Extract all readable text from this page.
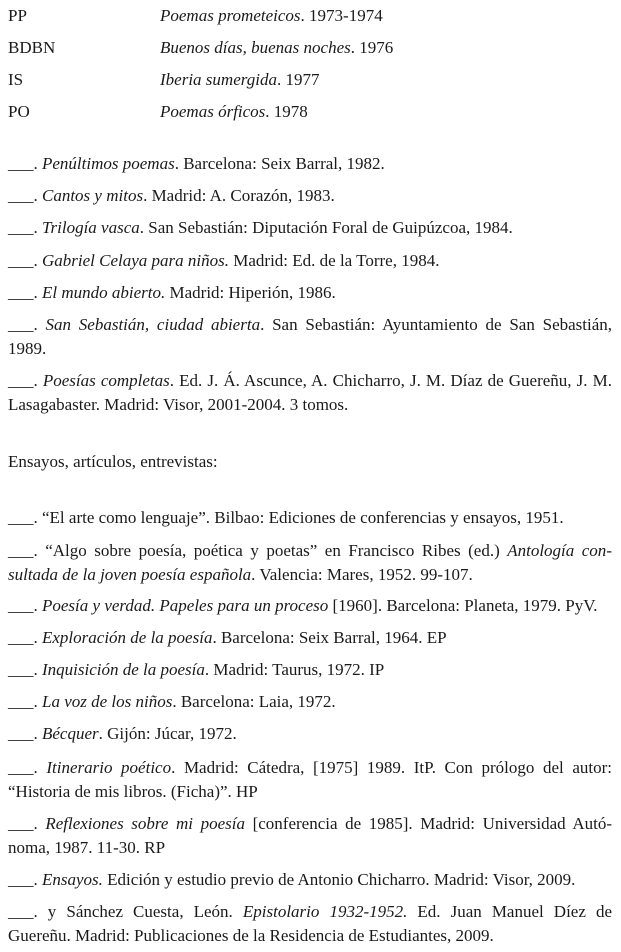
PP	Poemas prometeicos. 1973-1974
BDBN	Buenos días, buenas noches. 1976
IS	Iberia sumergida. 1977
PO	Poemas órficos. 1978
___. Penúltimos poemas. Barcelona: Seix Barral, 1982.
___. Cantos y mitos. Madrid: A. Corazón, 1983.
___. Trilogía vasca. San Sebastián: Diputación Foral de Guipúzcoa, 1984.
___. Gabriel Celaya para niños. Madrid: Ed. de la Torre, 1984.
___. El mundo abierto. Madrid: Hiperión, 1986.
___. San Sebastián, ciudad abierta. San Sebastián: Ayuntamiento de San Sebastián, 1989.
___. Poesías completas. Ed. J. Á. Ascunce, A. Chicharro, J. M. Díaz de Guereñu, J. M. Lasagabaster. Madrid: Visor, 2001-2004. 3 tomos.
Ensayos, artículos, entrevistas:
___. “El arte como lenguaje”. Bilbao: Ediciones de conferencias y ensayos, 1951.
___. “Algo sobre poesía, poética y poetas” en Francisco Ribes (ed.) Antología consultada de la joven poesía española. Valencia: Mares, 1952. 99-107.
___. Poesía y verdad. Papeles para un proceso [1960]. Barcelona: Planeta, 1979. PyV.
___. Exploración de la poesía. Barcelona: Seix Barral, 1964. EP
___. Inquisición de la poesía. Madrid: Taurus, 1972. IP
___. La voz de los niños. Barcelona: Laia, 1972.
___. Bécquer. Gijón: Júcar, 1972.
___. Itinerario poético. Madrid: Cátedra, [1975] 1989. ItP. Con prólogo del autor: “Historia de mis libros. (Ficha)”. HP
___. Reflexiones sobre mi poesía [conferencia de 1985]. Madrid: Universidad Autónoma, 1987. 11-30. RP
___. Ensayos. Edición y estudio previo de Antonio Chicharro. Madrid: Visor, 2009.
___. y Sánchez Cuesta, León. Epistolario 1932-1952. Ed. Juan Manuel Díez de Guereñu. Madrid: Publicaciones de la Residencia de Estudiantes, 2009.
